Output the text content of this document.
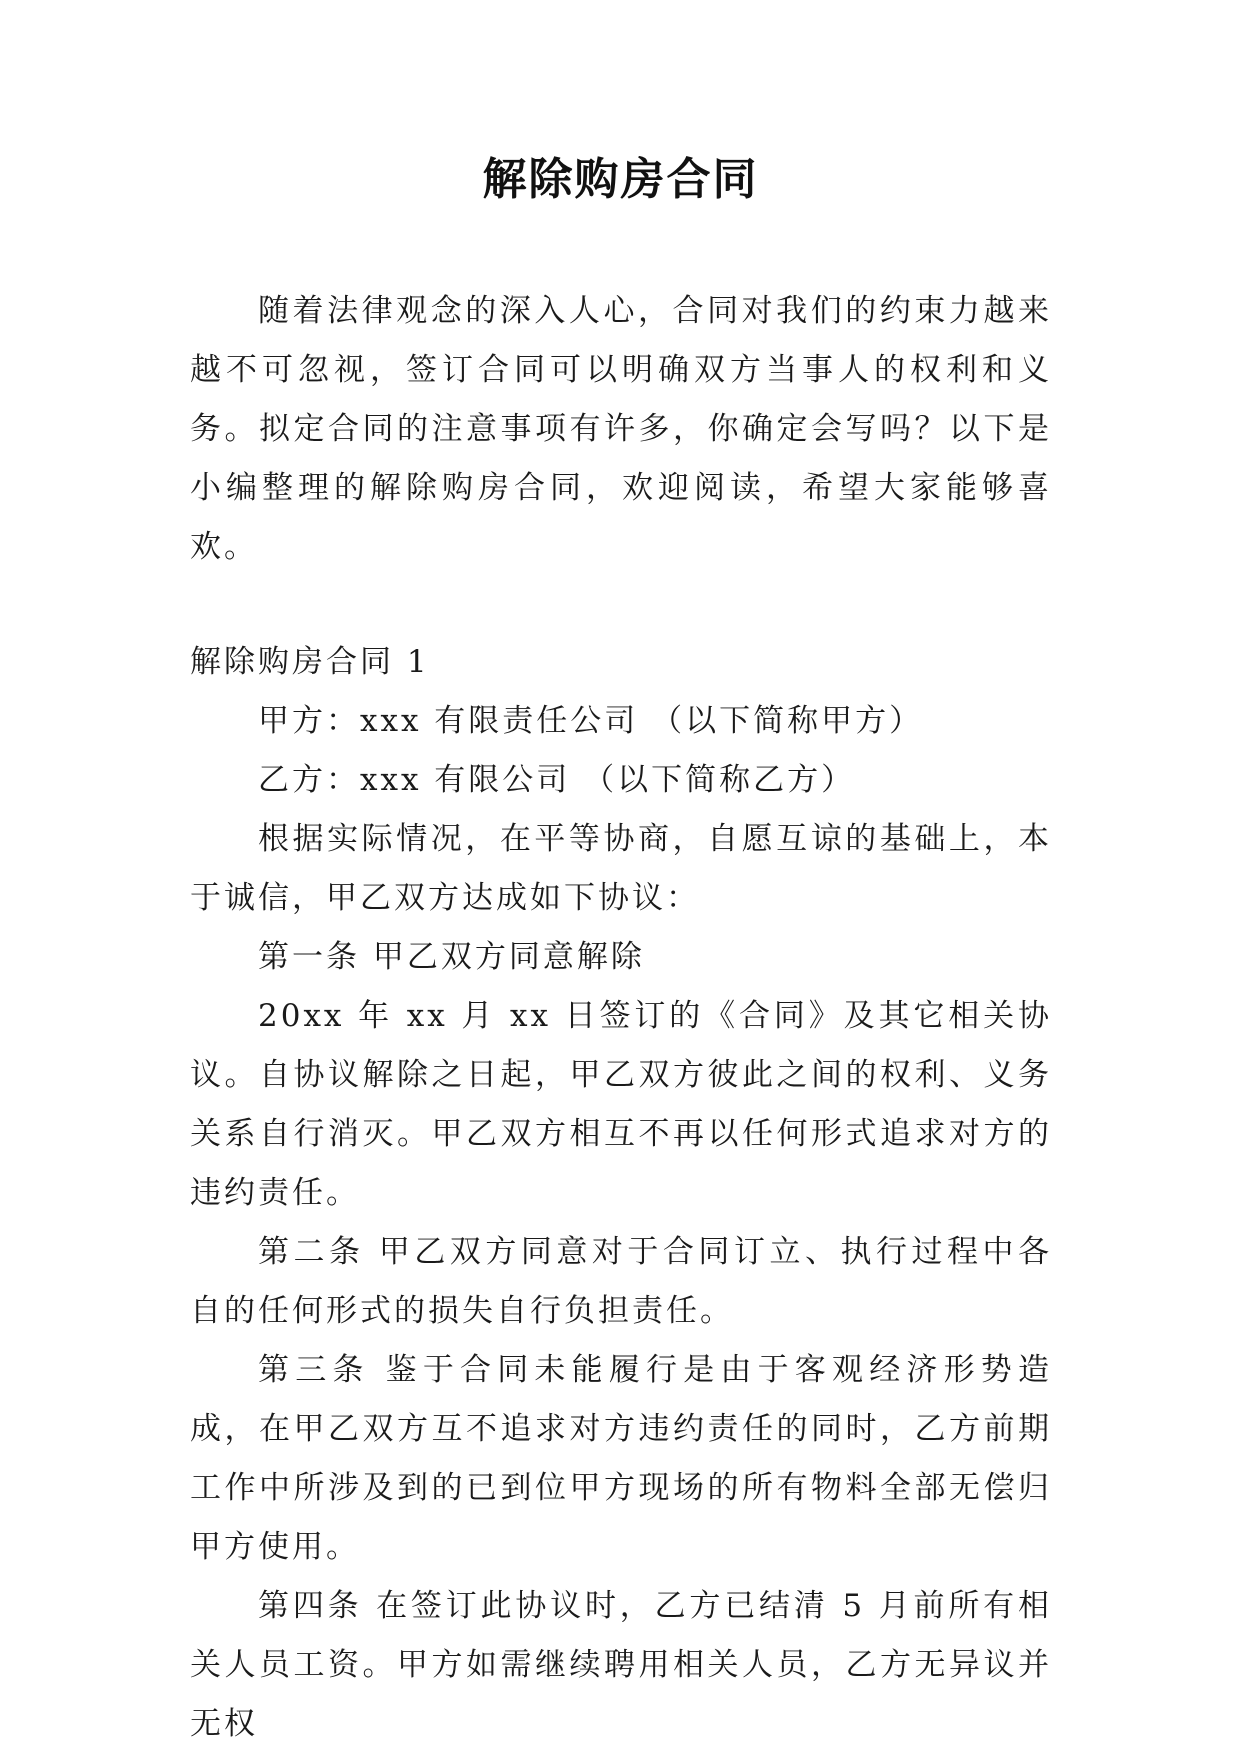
解除购房合同

随着法律观念的深入人心，合同对我们的约束力越来越不可忽视，签订合同可以明确双方当事人的权利和义务。拟定合同的注意事项有许多，你确定会写吗？以下是小编整理的解除购房合同，欢迎阅读，希望大家能够喜欢。

解除购房合同 1

甲方：xxx 有限责任公司 （以下简称甲方）

乙方：xxx 有限公司 （以下简称乙方）

根据实际情况，在平等协商，自愿互谅的基础上，本于诚信，甲乙双方达成如下协议：

第一条 甲乙双方同意解除

20xx 年 xx 月 xx 日签订的《合同》及其它相关协议。自协议解除之日起，甲乙双方彼此之间的权利、义务关系自行消灭。甲乙双方相互不再以任何形式追求对方的违约责任。

第二条 甲乙双方同意对于合同订立、执行过程中各自的任何形式的损失自行负担责任。

第三条 鉴于合同未能履行是由于客观经济形势造成，在甲乙双方互不追求对方违约责任的同时，乙方前期工作中所涉及到的已到位甲方现场的所有物料全部无偿归甲方使用。

第四条 在签订此协议时，乙方已结清 5 月前所有相关人员工资。甲方如需继续聘用相关人员，乙方无异议并无权
